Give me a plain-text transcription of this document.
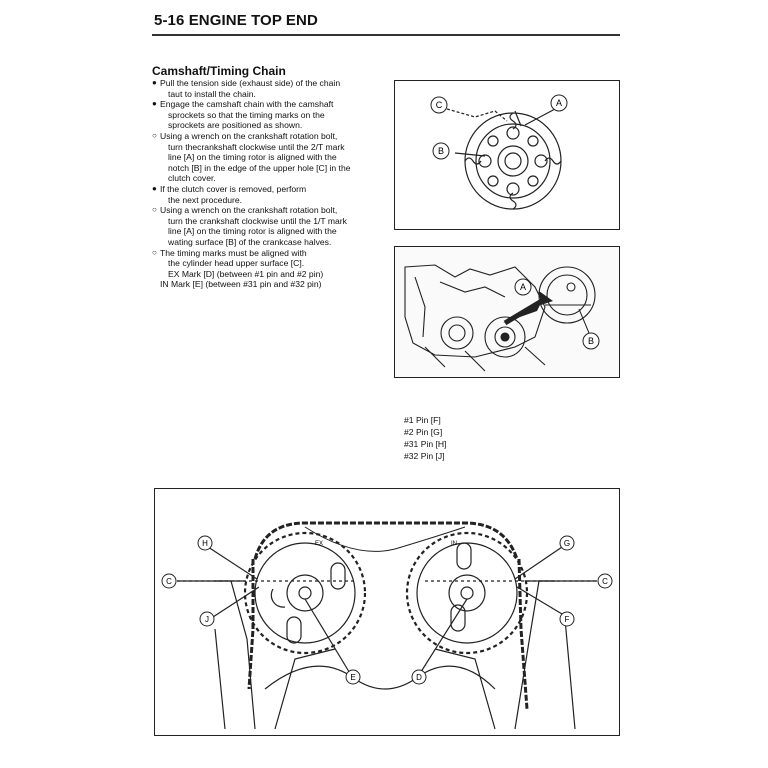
5-16 ENGINE TOP END
Camshaft/Timing Chain
● Pull the tension side (exhaust side) of the chain
taut to install the chain.
● Engage the camshaft chain with the camshaft
sprockets so that the timing marks on the
sprockets are positioned as shown.
○ Using a wrench on the crankshaft rotation bolt,
turn thecrankshaft clockwise until the 2/T mark
line [A] on the timing rotor is aligned with the
notch [B] in the edge of the upper hole [C] in the
clutch cover.
● If the clutch cover is removed, perform
the next procedure.
○ Using a wrench on the crankshaft rotation bolt,
turn the crankshaft clockwise until the 1/T mark
line [A] on the timing rotor is aligned with the
wating surface [B] of the crankcase halves.
○ The timing marks must be aligned with
the cylinder head upper surface [C].
EX Mark [D] (between #1 pin and #2 pin)
IN Mark [E] (between #31 pin and #32 pin)
C	A
B
A
B
#1 Pin [F]
#2 Pin [G]
#31 Pin [H]
#32 Pin [J]
EX	IN
H	G
C	C
J	F
E	D
